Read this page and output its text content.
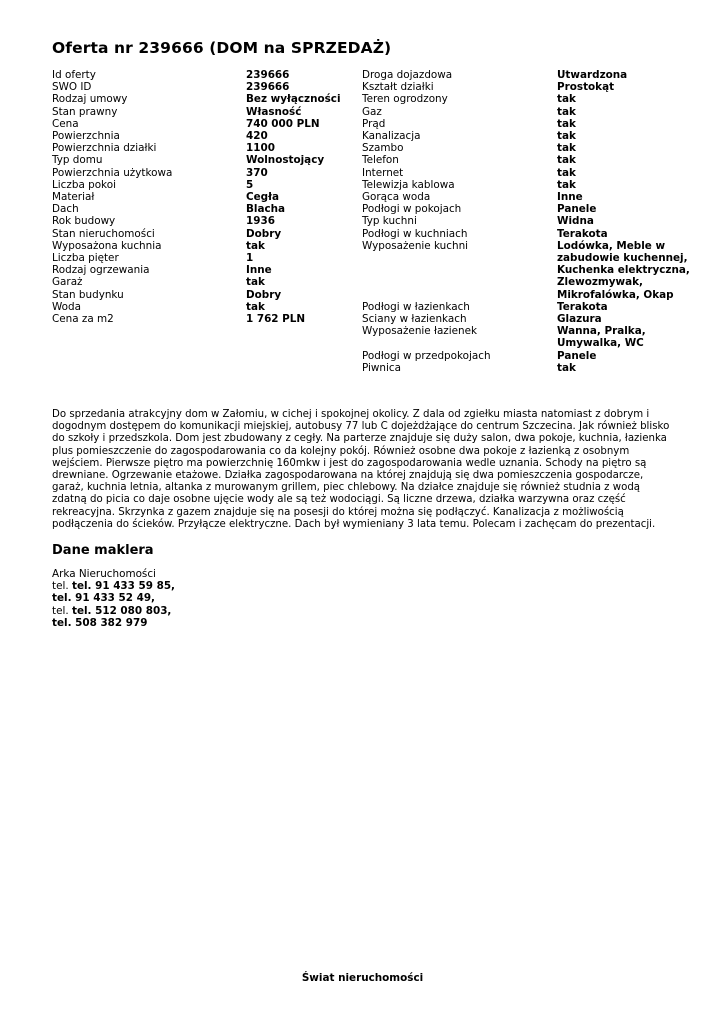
Oferta nr 239666 (DOM na SPRZEDAŻ)
Id oferty	239666
SWO ID	239666
Rodzaj umowy	Bez wyłączności
Stan prawny	Własność
Cena	740 000 PLN
Powierzchnia	420
Powierzchnia działki	1100
Typ domu	Wolnostojący
Powierzchnia użytkowa	370
Liczba pokoi	5
Materiał	Cegła
Dach	Blacha
Rok budowy	1936
Stan nieruchomości	Dobry
Wyposażona kuchnia	tak
Liczba pięter	1
Rodzaj ogrzewania	Inne
Garaż	tak
Stan budynku	Dobry
Woda	tak
Cena za m2	1 762 PLN
Droga dojazdowa	Utwardzona
Kształt działki	Prostokąt
Teren ogrodzony	tak
Gaz	tak
Prąd	tak
Kanalizacja	tak
Szambo	tak
Telefon	tak
Internet	tak
Telewizja kablowa	tak
Gorąca woda	Inne
Podłogi w pokojach	Panele
Typ kuchni	Widna
Podłogi w kuchniach	Terakota
Wyposażenie kuchni	Lodówka, Meble w zabudowie kuchennej, Kuchenka elektryczna, Zlewozmywak, Mikrofalówka, Okap
Podłogi w łazienkach	Terakota
Sciany w łazienkach	Glazura
Wyposażenie łazienek	Wanna, Pralka, Umywalka, WC
Podłogi w przedpokojach	Panele
Piwnica	tak

Do sprzedania atrakcyjny dom w Załomiu, w cichej i spokojnej okolicy. Z dala od zgiełku miasta natomiast z dobrym i dogodnym dostępem do komunikacji miejskiej, autobusy 77 lub C dojeżdżające do centrum Szczecina. Jak również blisko do szkoły i przedszkola. Dom jest zbudowany z cegły. Na parterze znajduje się duży salon, dwa pokoje, kuchnia, łazienka plus pomieszczenie do zagospodarowania co da kolejny pokój. Również osobne dwa pokoje z łazienką z osobnym wejściem. Pierwsze piętro ma powierzchnię 160mkw i jest do zagospodarowania wedle uznania. Schody na piętro są drewniane. Ogrzewanie etażowe. Działka zagospodarowana na której znajdują się dwa pomieszczenia gospodarcze, garaż, kuchnia letnia, altanka z murowanym grillem, piec chlebowy. Na działce znajduje się również studnia z wodą zdatną do picia co daje osobne ujęcie wody ale są też wodociągi. Są liczne drzewa, działka warzywna oraz część rekreacyjna. Skrzynka z gazem znajduje się na posesji do której można się podłączyć. Kanalizacja z możliwością podłączenia do ścieków. Przyłącze elektryczne. Dach był wymieniany 3 lata temu. Polecam i zachęcam do prezentacji.

Dane maklera
Arka Nieruchomości
tel. tel. 91 433 59 85,
tel. 91 433 52 49,
tel. tel. 512 080 803,
tel. 508 382 979
Świat nieruchomości
